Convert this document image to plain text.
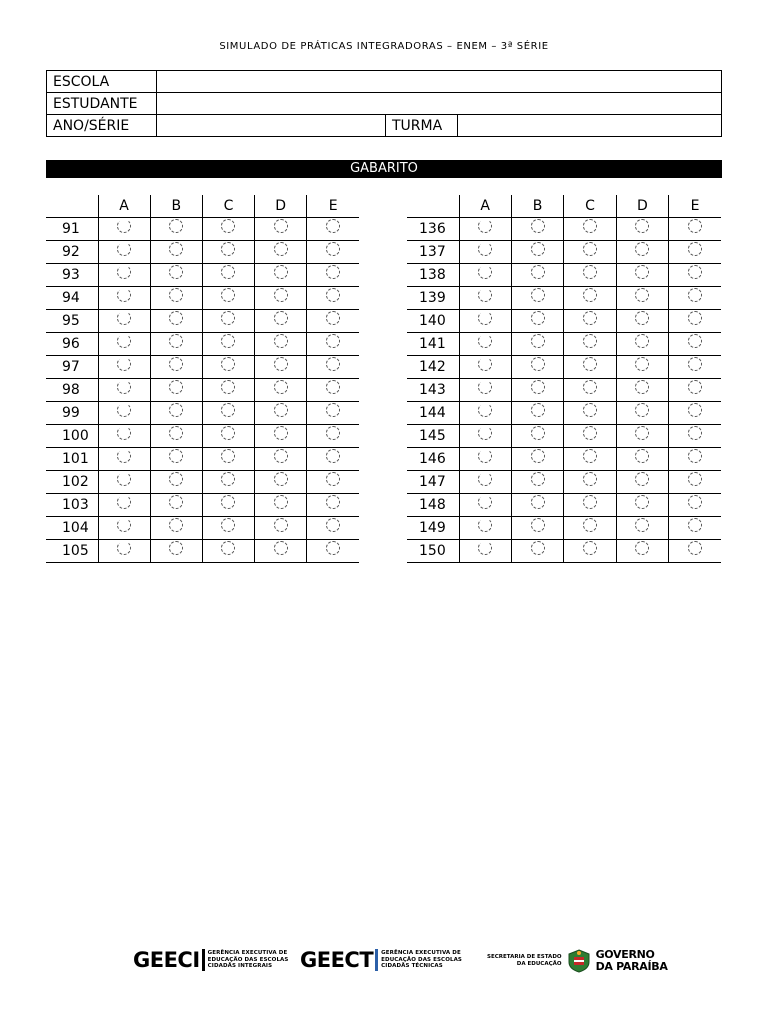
SIMULADO DE PRÁTICAS INTEGRADORAS – ENEM – 3ª SÉRIE
ESCOLA			
ESTUDANTE			
ANO/SÉRIE		TURMA	
GABARITO
	A	B	C	D	E
91					
92					
93					
94					
95					
96					
97					
98					
99					
100					
101					
102					
103					
104					
105					
	A	B	C	D	E
136					
137					
138					
139					
140					
141					
142					
143					
144					
145					
146					
147					
148					
149					
150					
GEECI GERÊNCIA EXECUTIVA DE
EDUCAÇÃO DAS ESCOLAS
CIDADÃS INTEGRAIS	GEECT GERÊNCIA EXECUTIVA DE
EDUCAÇÃO DAS ESCOLAS
CIDADÃS TÉCNICAS
SECRETARIA DE ESTADO
DA EDUCAÇÃO
GOVERNO
DA PARAÍBA
